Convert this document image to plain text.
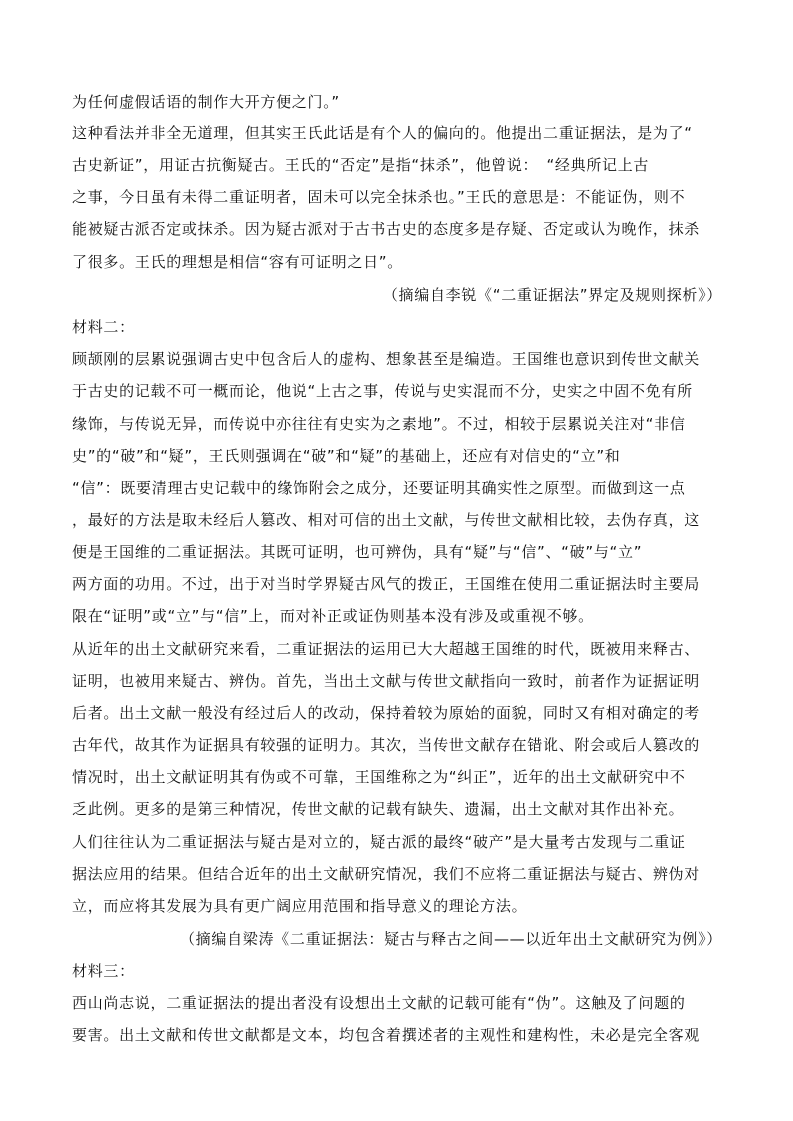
为任何虚假话语的制作大开方便之门。”
这种看法并非全无道理，但其实王氏此话是有个人的偏向的。他提出二重证据法，是为了“
古史新证”，用证古抗衡疑古。王氏的“否定”是指“抹杀”，他曾说：　“经典所记上古
之事，今日虽有未得二重证明者，固未可以完全抹杀也。”王氏的意思是：不能证伪，则不
能被疑古派否定或抹杀。因为疑古派对于古书古史的态度多是存疑、否定或认为晚作，抹杀
了很多。王氏的理想是相信“容有可证明之日”。
（摘编自李锐《“二重证据法”界定及规则探析》）
材料二：
顾颉刚的层累说强调古史中包含后人的虚构、想象甚至是编造。王国维也意识到传世文献关
于古史的记载不可一概而论，他说“上古之事，传说与史实混而不分，史实之中固不免有所
缘饰，与传说无异，而传说中亦往往有史实为之素地”。不过，相较于层累说关注对“非信
史”的“破”和“疑”，王氏则强调在“破”和“疑”的基础上，还应有对信史的“立”和
“信”：既要清理古史记载中的缘饰附会之成分，还要证明其确实性之原型。而做到这一点
，最好的方法是取未经后人篡改、相对可信的出土文献，与传世文献相比较，去伪存真，这
便是王国维的二重证据法。其既可证明，也可辨伪，具有“疑”与“信”、“破”与“立”
两方面的功用。不过，出于对当时学界疑古风气的拨正，王国维在使用二重证据法时主要局
限在“证明”或“立”与“信”上，而对补正或证伪则基本没有涉及或重视不够。
从近年的出土文献研究来看，二重证据法的运用已大大超越王国维的时代，既被用来释古、
证明，也被用来疑古、辨伪。首先，当出土文献与传世文献指向一致时，前者作为证据证明
后者。出土文献一般没有经过后人的改动，保持着较为原始的面貌，同时又有相对确定的考
古年代，故其作为证据具有较强的证明力。其次，当传世文献存在错讹、附会或后人篡改的
情况时，出土文献证明其有伪或不可靠，王国维称之为“纠正”，近年的出土文献研究中不
乏此例。更多的是第三种情况，传世文献的记载有缺失、遗漏，出土文献对其作出补充。
人们往往认为二重证据法与疑古是对立的，疑古派的最终“破产”是大量考古发现与二重证
据法应用的结果。但结合近年的出土文献研究情况，我们不应将二重证据法与疑古、辨伪对
立，而应将其发展为具有更广阔应用范围和指导意义的理论方法。
（摘编自梁涛《二重证据法：疑古与释古之间——以近年出土文献研究为例》）
材料三：
西山尚志说，二重证据法的提出者没有设想出土文献的记载可能有“伪”。这触及了问题的
要害。出土文献和传世文献都是文本，均包含着撰述者的主观性和建构性，未必是完全客观
